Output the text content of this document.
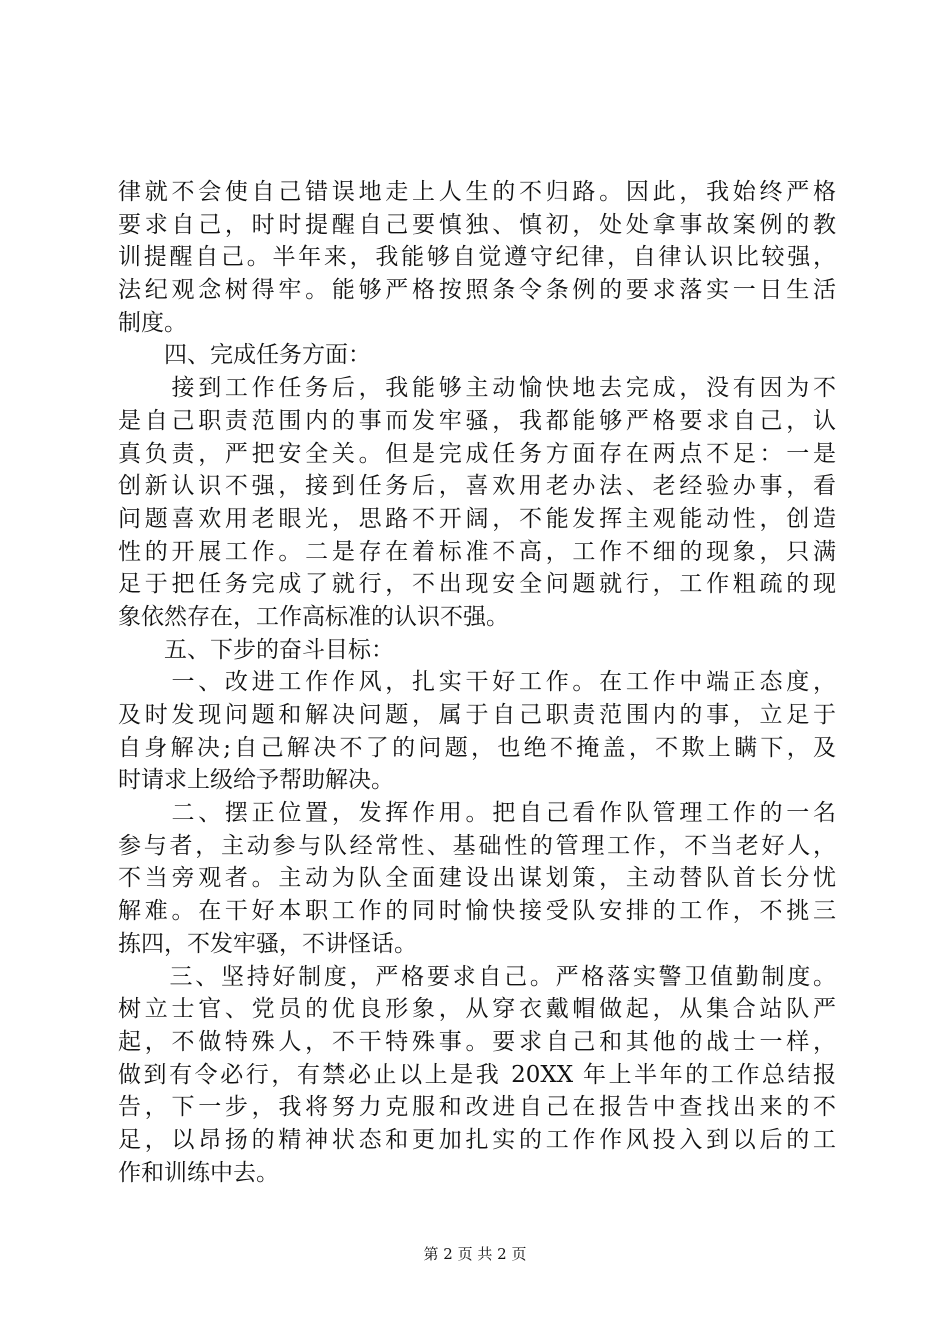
律就不会使自己错误地走上人生的不归路。因此，我始终严格
要求自己，时时提醒自己要慎独、慎初，处处拿事故案例的教
训提醒自己。半年来，我能够自觉遵守纪律，自律认识比较强，
法纪观念树得牢。能够严格按照条令条例的要求落实一日生活
制度。
　　四、完成任务方面：
　　接到工作任务后，我能够主动愉快地去完成，没有因为不
是自己职责范围内的事而发牢骚，我都能够严格要求自己，认
真负责，严把安全关。但是完成任务方面存在两点不足：一是
创新认识不强，接到任务后，喜欢用老办法、老经验办事，看
问题喜欢用老眼光，思路不开阔，不能发挥主观能动性，创造
性的开展工作。二是存在着标准不高，工作不细的现象，只满
足于把任务完成了就行，不出现安全问题就行，工作粗疏的现
象依然存在，工作高标准的认识不强。
　　五、下步的奋斗目标：
　　一、改进工作作风，扎实干好工作。在工作中端正态度，
及时发现问题和解决问题，属于自己职责范围内的事，立足于
自身解决;自己解决不了的问题，也绝不掩盖，不欺上瞒下，及
时请求上级给予帮助解决。
　　二、摆正位置，发挥作用。把自己看作队管理工作的一名
参与者，主动参与队经常性、基础性的管理工作，不当老好人，
不当旁观者。主动为队全面建设出谋划策，主动替队首长分忧
解难。在干好本职工作的同时愉快接受队安排的工作，不挑三
拣四，不发牢骚，不讲怪话。
　　三、坚持好制度，严格要求自己。严格落实警卫值勤制度。
树立士官、党员的优良形象，从穿衣戴帽做起，从集合站队严
起，不做特殊人，不干特殊事。要求自己和其他的战士一样，
做到有令必行，有禁必止以上是我 20XX 年上半年的工作总结报
告，下一步，我将努力克服和改进自己在报告中查找出来的不
足，以昂扬的精神状态和更加扎实的工作作风投入到以后的工
作和训练中去。
第 2 页 共 2 页
